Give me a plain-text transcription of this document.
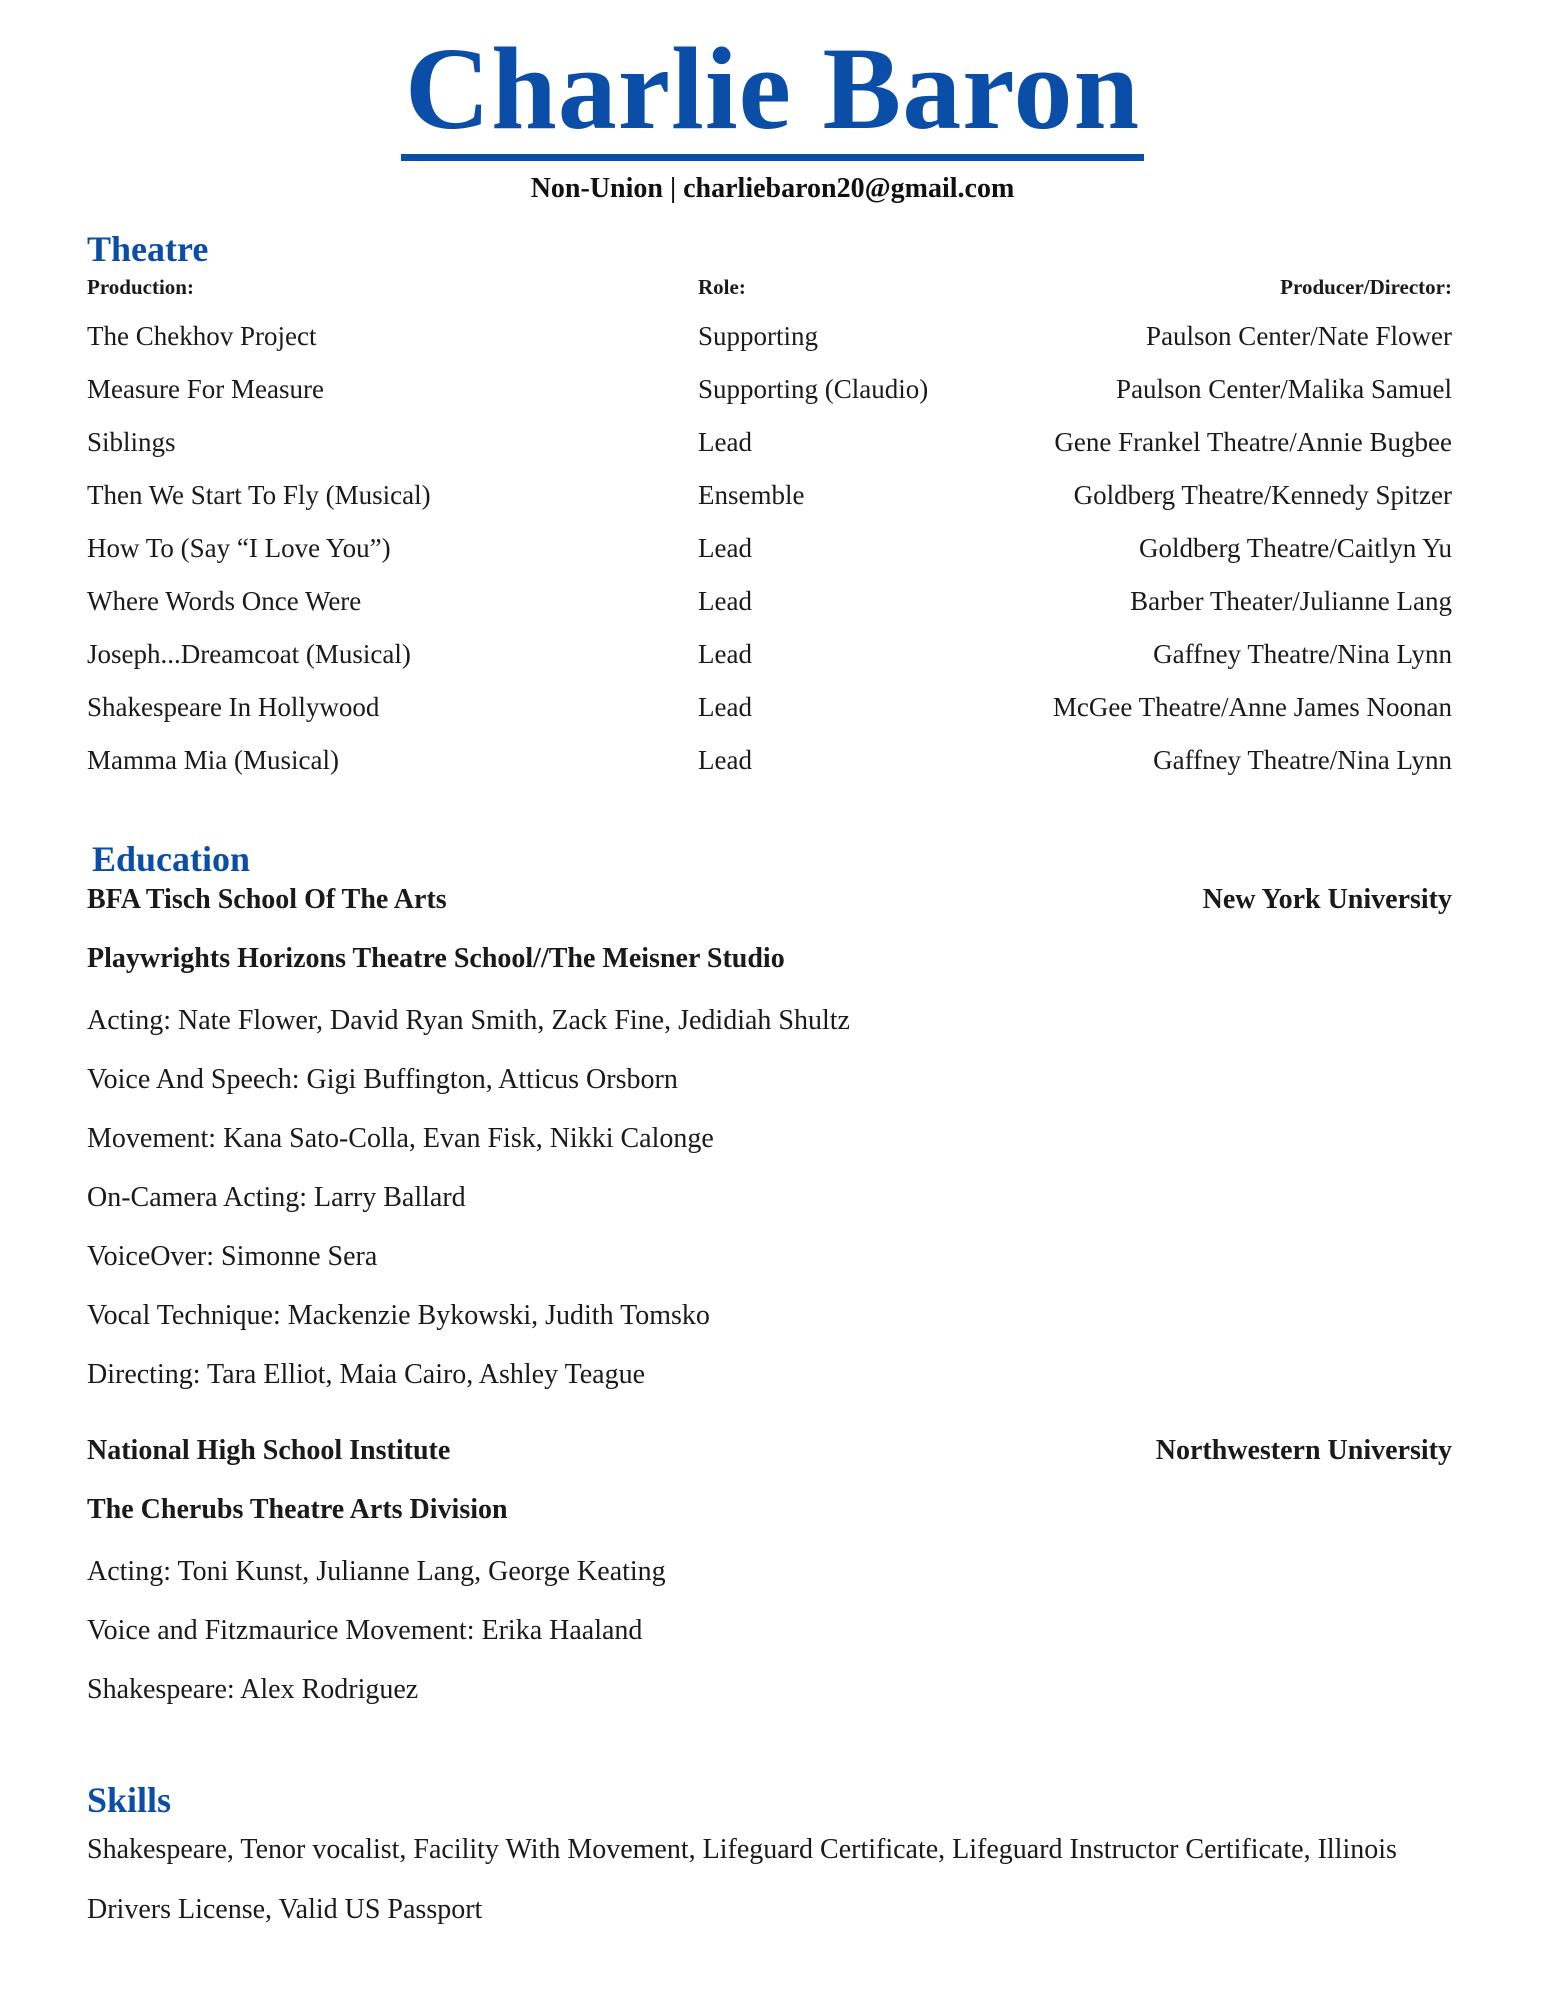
Charlie Baron
Non-Union | charliebaron20@gmail.com
Theatre
Production:	Role:	Producer/Director:
The Chekhov Project	Supporting	Paulson Center/Nate Flower
Measure For Measure	Supporting (Claudio)	Paulson Center/Malika Samuel
Siblings	Lead	Gene Frankel Theatre/Annie Bugbee
Then We Start To Fly (Musical)	Ensemble	Goldberg Theatre/Kennedy Spitzer
How To (Say “I Love You”)	Lead	Goldberg Theatre/Caitlyn Yu
Where Words Once Were	Lead	Barber Theater/Julianne Lang
Joseph...Dreamcoat (Musical)	Lead	Gaffney Theatre/Nina Lynn
Shakespeare In Hollywood	Lead	McGee Theatre/Anne James Noonan
Mamma Mia (Musical)	Lead	Gaffney Theatre/Nina Lynn
Education
BFA Tisch School Of The Arts	New York University
Playwrights Horizons Theatre School//The Meisner Studio
Acting: Nate Flower, David Ryan Smith, Zack Fine, Jedidiah Shultz
Voice And Speech: Gigi Buffington, Atticus Orsborn
Movement: Kana Sato-Colla, Evan Fisk, Nikki Calonge
On-Camera Acting: Larry Ballard
VoiceOver: Simonne Sera
Vocal Technique: Mackenzie Bykowski, Judith Tomsko
Directing: Tara Elliot, Maia Cairo, Ashley Teague
National High School Institute	Northwestern University
The Cherubs Theatre Arts Division
Acting: Toni Kunst, Julianne Lang, George Keating
Voice and Fitzmaurice Movement: Erika Haaland
Shakespeare: Alex Rodriguez
Skills
Shakespeare, Tenor vocalist, Facility With Movement, Lifeguard Certificate, Lifeguard Instructor Certificate, Illinois Drivers License, Valid US Passport
